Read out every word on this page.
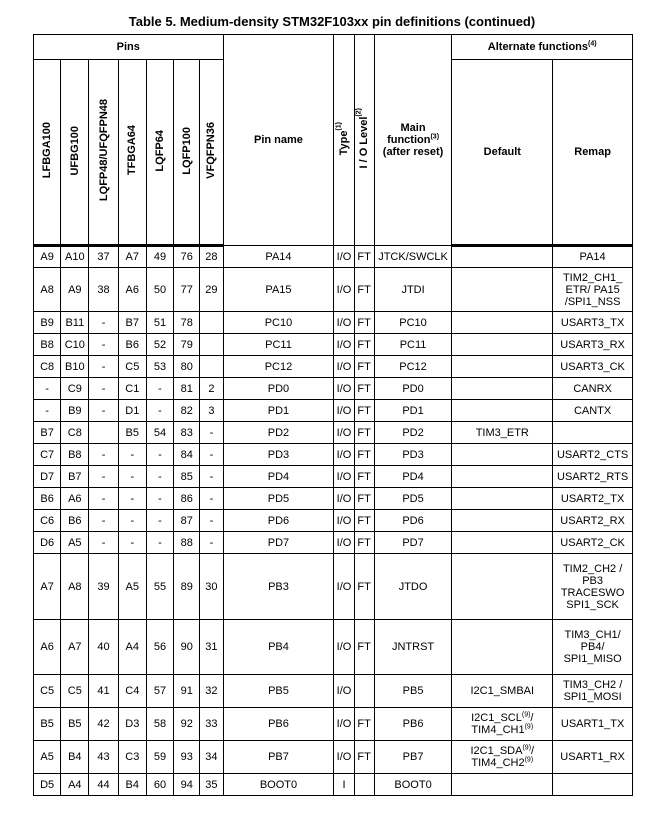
Table 5. Medium-density STM32F103xx pin definitions (continued)
Pins							Pin name	Type$^{(1)}$	I / O Level$^{(2)}$	Main function$^{(3)}$
(after reset)	Alternate functions$^{(4)}$
LFBGA100	UFBG100	LQFP48/UFQFPN48	TFBGA64	LQFP64	LQFP100	VFQFPN36					Default	Remap
A9	A10	37	A7	49	76	28	PA14	I/O	FT	JTCK/SWCLK		PA14
A8	A9	38	A6	50	77	29	PA15	I/O	FT	JTDI		TIM2_CH1_ ETR/ PA15 /SPI1_NSS
B9	B11	-	B7	51	78		PC10	I/O	FT	PC10		USART3_TX
B8	C10	-	B6	52	79		PC11	I/O	FT	PC11		USART3_RX
C8	B10	-	C5	53	80		PC12	I/O	FT	PC12		USART3_CK
-	C9	-	C1	-	81	2	PD0	I/O	FT	PD0		CANRX
-	B9	-	D1	-	82	3	PD1	I/O	FT	PD1		CANTX
B7	C8		B5	54	83	-	PD2	I/O	FT	PD2	TIM3_ETR	
C7	B8	-	-	-	84	-	PD3	I/O	FT	PD3		USART2_CTS
D7	B7	-	-	-	85	-	PD4	I/O	FT	PD4		USART2_RTS
B6	A6	-	-	-	86	-	PD5	I/O	FT	PD5		USART2_TX
C6	B6	-	-	-	87	-	PD6	I/O	FT	PD6		USART2_RX
D6	A5	-	-	-	88	-	PD7	I/O	FT	PD7		USART2_CK
A7	A8	39	A5	55	89	30	PB3	I/O	FT	JTDO		TIM2_CH2 / PB3 TRACESWO SPI1_SCK
A6	A7	40	A4	56	90	31	PB4	I/O	FT	JNTRST		TIM3_CH1/ PB4/ SPI1_MISO
C5	C5	41	C4	57	91	32	PB5	I/O		PB5	I2C1_SMBAI	TIM3_CH2 / SPI1_MOSI
B5	B5	42	D3	58	92	33	PB6	I/O	FT	PB6	I2C1_SCL$^{(9)}$/ TIM4_CH1$^{(9)}$	USART1_TX
A5	B4	43	C3	59	93	34	PB7	I/O	FT	PB7	I2C1_SDA$^{(9)}$/ TIM4_CH2$^{(9)}$	USART1_RX
D5	A4	44	B4	60	94	35	BOOT0	I		BOOT0		
